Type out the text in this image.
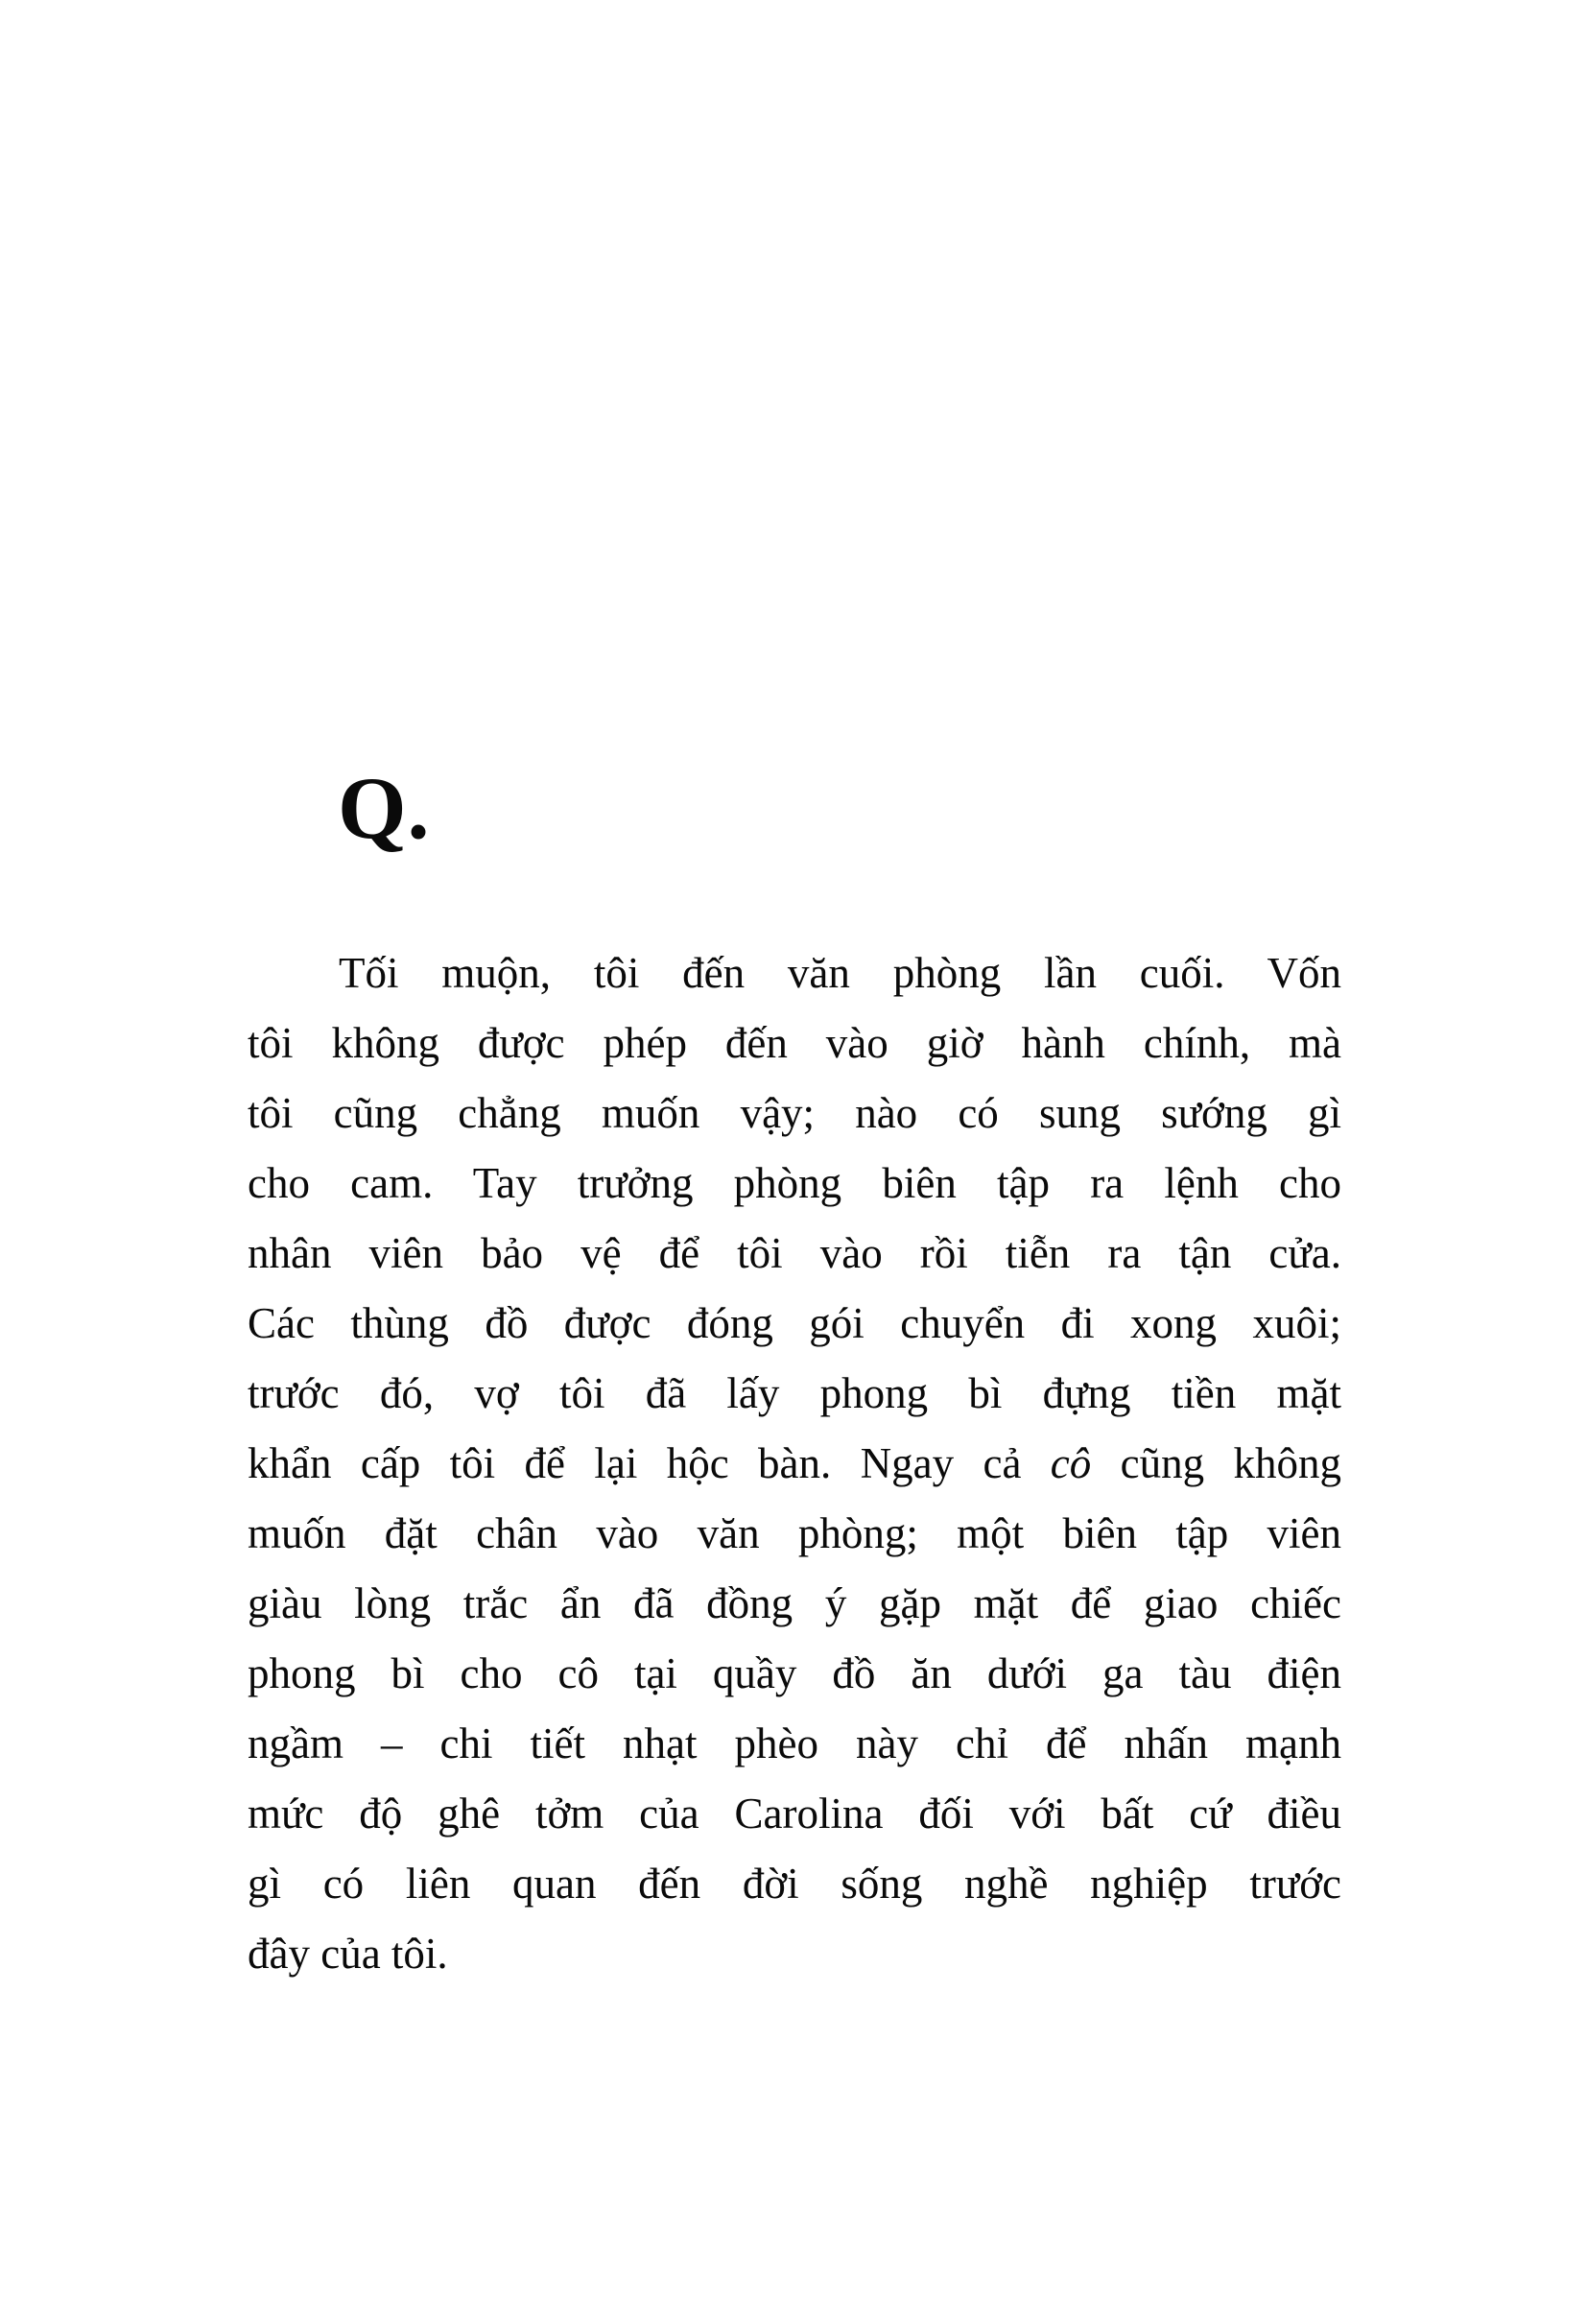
Q.
Tối muộn, tôi đến văn phòng lần cuối. Vốn
tôi không được phép đến vào giờ hành chính, mà
tôi cũng chẳng muốn vậy; nào có sung sướng gì
cho cam. Tay trưởng phòng biên tập ra lệnh cho
nhân viên bảo vệ để tôi vào rồi tiễn ra tận cửa.
Các thùng đồ được đóng gói chuyển đi xong xuôi;
trước đó, vợ tôi đã lấy phong bì đựng tiền mặt
khẩn cấp tôi để lại hộc bàn. Ngay cả cô cũng không
muốn đặt chân vào văn phòng; một biên tập viên
giàu lòng trắc ẩn đã đồng ý gặp mặt để giao chiếc
phong bì cho cô tại quầy đồ ăn dưới ga tàu điện
ngầm – chi tiết nhạt phèo này chỉ để nhấn mạnh
mức độ ghê tởm của Carolina đối với bất cứ điều
gì có liên quan đến đời sống nghề nghiệp trước
đây của tôi.
